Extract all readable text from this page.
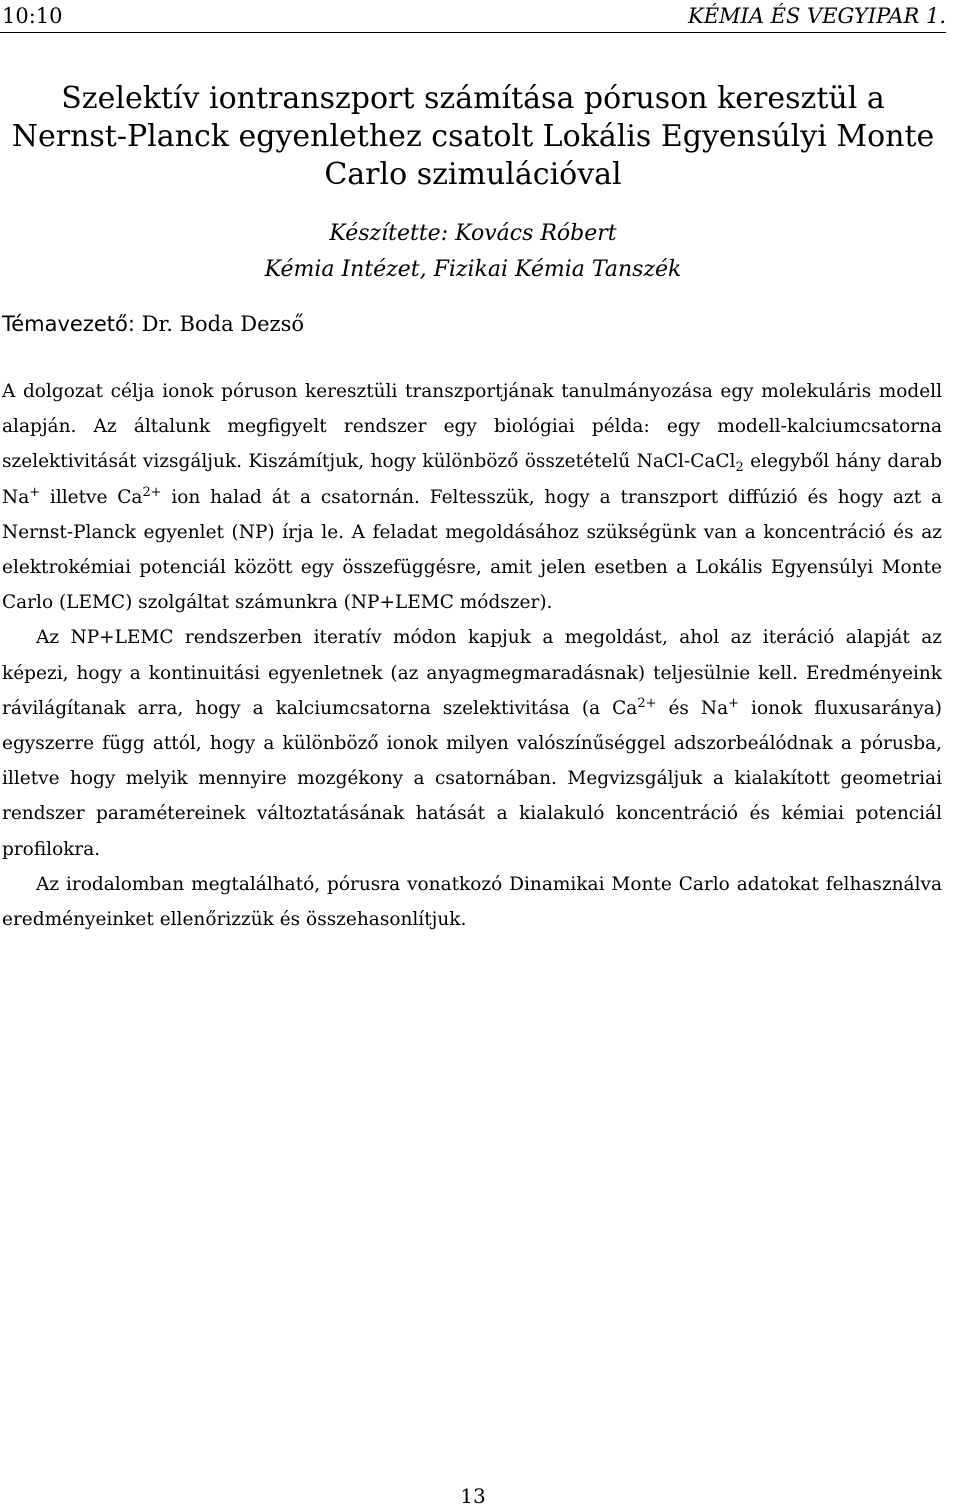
10:10	KÉMIA ÉS VEGYIPAR 1.
Szelektív iontranszport számítása póruson keresztül a
Nernst-Planck egyenlethez csatolt Lokális Egyensúlyi Monte
Carlo szimulációval
Készítette: Kovács Róbert
Kémia Intézet, Fizikai Kémia Tanszék
Témavezető: Dr. Boda Dezső

A dolgozat célja ionok póruson keresztüli transzportjának tanulmányozása egy molekuláris modell alapján. Az általunk megfigyelt rendszer egy biológiai példa: egy modell-kalciumcsatorna szelektivitását vizsgáljuk. Kiszámítjuk, hogy különböző összetételű NaCl-CaCl$_2$ elegyből hány darab Na+ illetve $Ca^{2+}$ ion halad át a csatornán. Feltesszük, hogy a transzport diffúzió és hogy azt a Nernst-Planck egyenlet (NP) írja le. A feladat megoldásához szükségünk van a koncentráció és az elektrokémiai potenciál között egy összefüggésre, amit jelen esetben a Lokális Egyensúlyi Monte Carlo (LEMC) szolgáltat számunkra (NP+LEMC módszer).

Az NP+LEMC rendszerben iteratív módon kapjuk a megoldást, ahol az iteráció alapját az képezi, hogy a kontinuitási egyenletnek (az anyagmegmaradásnak) teljesülnie kell. Eredményeink rávilágítanak arra, hogy a kalciumcsatorna szelektivitása (a $Ca^{2+}$ és Na+ ionok fluxusaránya) egyszerre függ attól, hogy a különböző ionok milyen valószínűséggel adszorbeálódnak a pórusba, illetve hogy melyik mennyire mozgékony a csatornában. Megvizsgáljuk a kialakított geometriai rendszer paramétereinek változtatásának hatását a kialakuló koncentráció és kémiai potenciál profilokra.

Az irodalomban megtalálható, pórusra vonatkozó Dinamikai Monte Carlo adatokat felhasználva eredményeinket ellenőrizzük és összehasonlítjuk.

13
